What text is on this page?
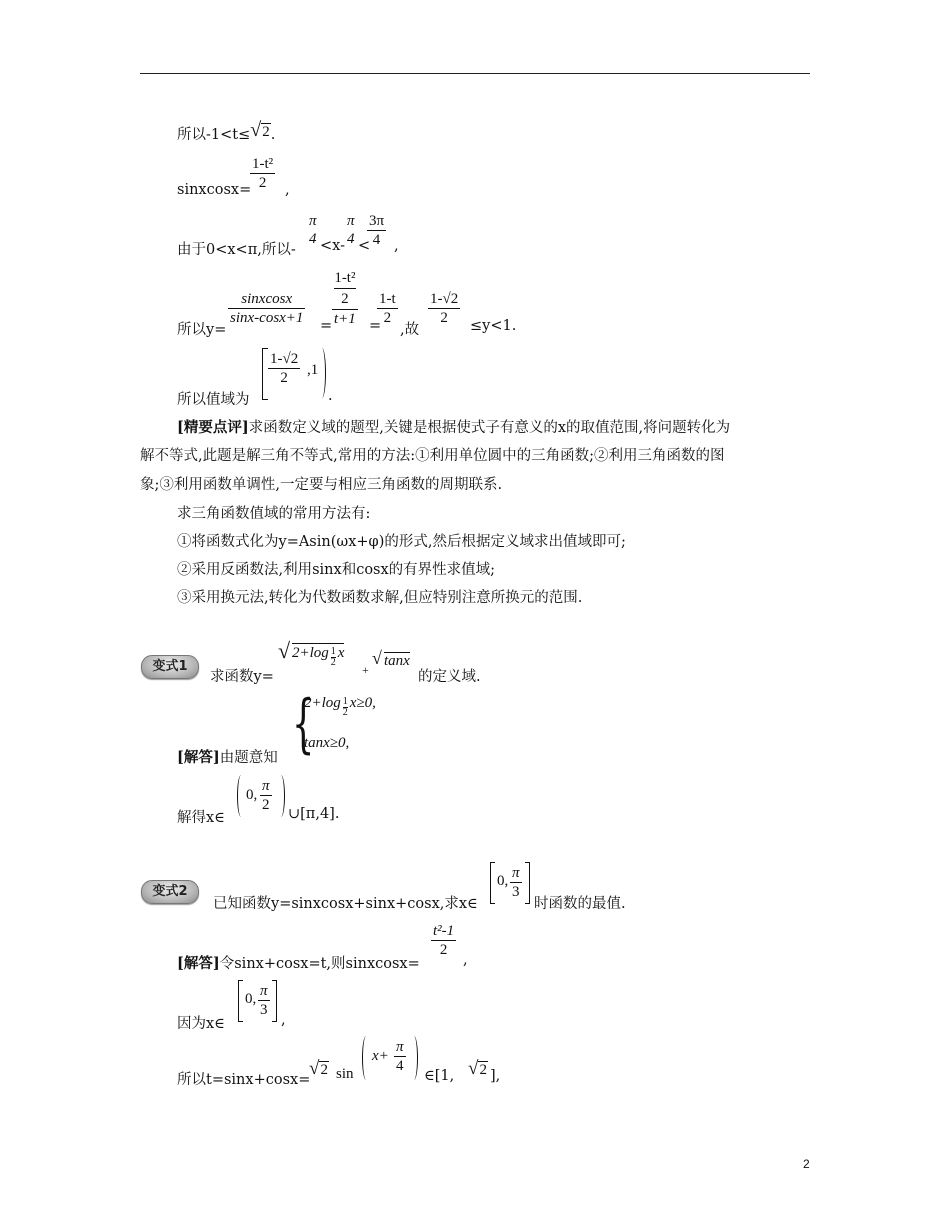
所以-1<t≤√2.
sinxcosx=
$\frac{\text{1-t²}}{2}$ ,
由于0<x<π,所以-
π
4 <x-
π
4 <
$\frac{3\pi}{4}$ ,
所以y=
$\frac{\text{sinxcosx}}{\sin x-\cos x+1} = 1-t^2$
2
t+1 =
$\frac{1-t}{2}$
,故
$\frac{1-√2}{2} \le y<1$.
所以值域为
$\frac{1-√2}{2} ,1$
.
[精要点评]求函数定义域的题型,关键是根据使式子有意义的x的取值范围,将问题转化为
解不等式,此题是解三角不等式,常用的方法:①利用单位圆中的三角函数;②利用三角函数的图
象;③利用函数单调性,一定要与相应三角函数的周期联系.
求三角函数值域的常用方法有:
①将函数式化为y=Asin(ωx+φ)的形式,然后根据定义域求出值域即可;
②采用反函数法,利用sinx和cosx的有界性求值域;
③采用换元法,转化为代数函数求解,但应特别注意所换元的范围.
变式1
求函数y=
√ $2+\log \frac{1}{2}$ x
+
√ tanx
的定义域.
{
$2+\log \frac{1}{2} x\ge 0$,
tanx≥0,
[解答]由题意知
解得x∈
0, $\frac{\pi}{2}$ ∪[π,4].
变式2
已知函数y=sinxcosx+sinx+cosx,求x∈
0, $\frac{\pi}{3}$
时函数的最值.
[解答]令sinx+cosx=t,则sinxcosx=
$\frac{\text{t²-1}}{2}$
,
因为x∈
0, $\frac{\pi}{3}$
,
所以t=sinx+cosx=
√2 sin
$x+ \frac{\pi}{4}$
∈[1, √2 ],
2
